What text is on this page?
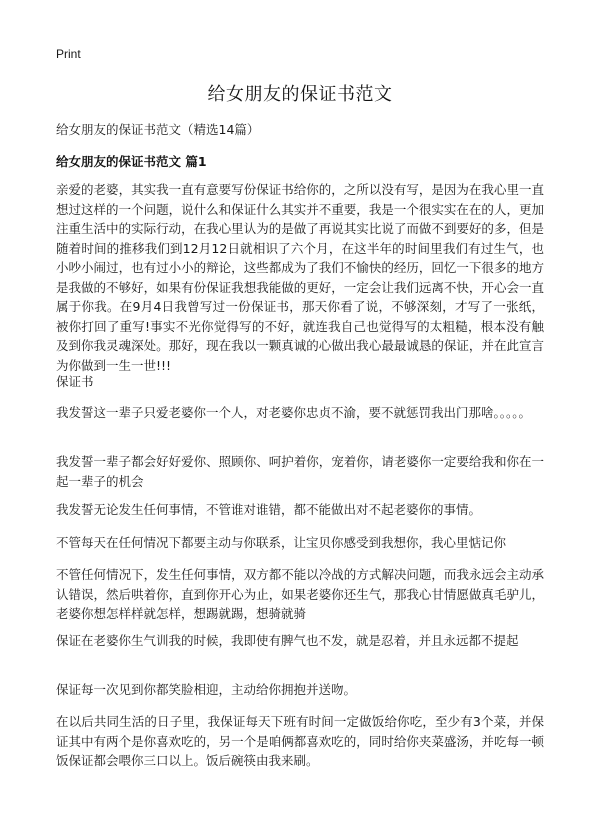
Print
给女朋友的保证书范文

给女朋友的保证书范文（精选14篇）

给女朋友的保证书范文 篇1

亲爱的老婆，其实我一直有意要写份保证书给你的，之所以没有写，是因为在我心里一直想过这样的一个问题，说什么和保证什么其实并不重要，我是一个很实实在在的人，更加注重生活中的实际行动，在我心里认为的是做了再说其实比说了而做不到要好的多，但是随着时间的推移我们到12月12日就相识了六个月，在这半年的时间里我们有过生气，也小吵小闹过，也有过小小的辩论，这些都成为了我们不愉快的经历，回忆一下很多的地方是我做的不够好，如果有份保证我想我能做的更好，一定会让我们远离不快，开心会一直属于你我。在9月4日我曾写过一份保证书，那天你看了说，不够深刻，才写了一张纸，被你打回了重写!事实不光你觉得写的不好，就连我自己也觉得写的太粗糙，根本没有触及到你我灵魂深处。那好，现在我以一颗真诚的心做出我心最最诚恳的保证，并在此宣言为你做到一生一世!!!

保证书

我发誓这一辈子只爱老婆你一个人，对老婆你忠贞不渝，要不就惩罚我出门那啥。。。。。

我发誓一辈子都会好好爱你、照顾你、呵护着你，宠着你，请老婆你一定要给我和你在一起一辈子的机会

我发誓无论发生任何事情，不管谁对谁错，都不能做出对不起老婆你的事情。

不管每天在任何情况下都要主动与你联系，让宝贝你感受到我想你，我心里惦记你

不管任何情况下，发生任何事情，双方都不能以冷战的方式解决问题，而我永远会主动承认错误，然后哄着你，直到你开心为止，如果老婆你还生气，那我心甘情愿做真毛驴儿，老婆你想怎样样就怎样，想踢就踢，想骑就骑

保证在老婆你生气训我的时候，我即使有脾气也不发，就是忍着，并且永远都不提起

保证每一次见到你都笑脸相迎，主动给你拥抱并送吻。

在以后共同生活的日子里，我保证每天下班有时间一定做饭给你吃，至少有3个菜，并保证其中有两个是你喜欢吃的，另一个是咱俩都喜欢吃的，同时给你夹菜盛汤，并吃每一顿饭保证都会喂你三口以上。饭后碗筷由我来刷。
